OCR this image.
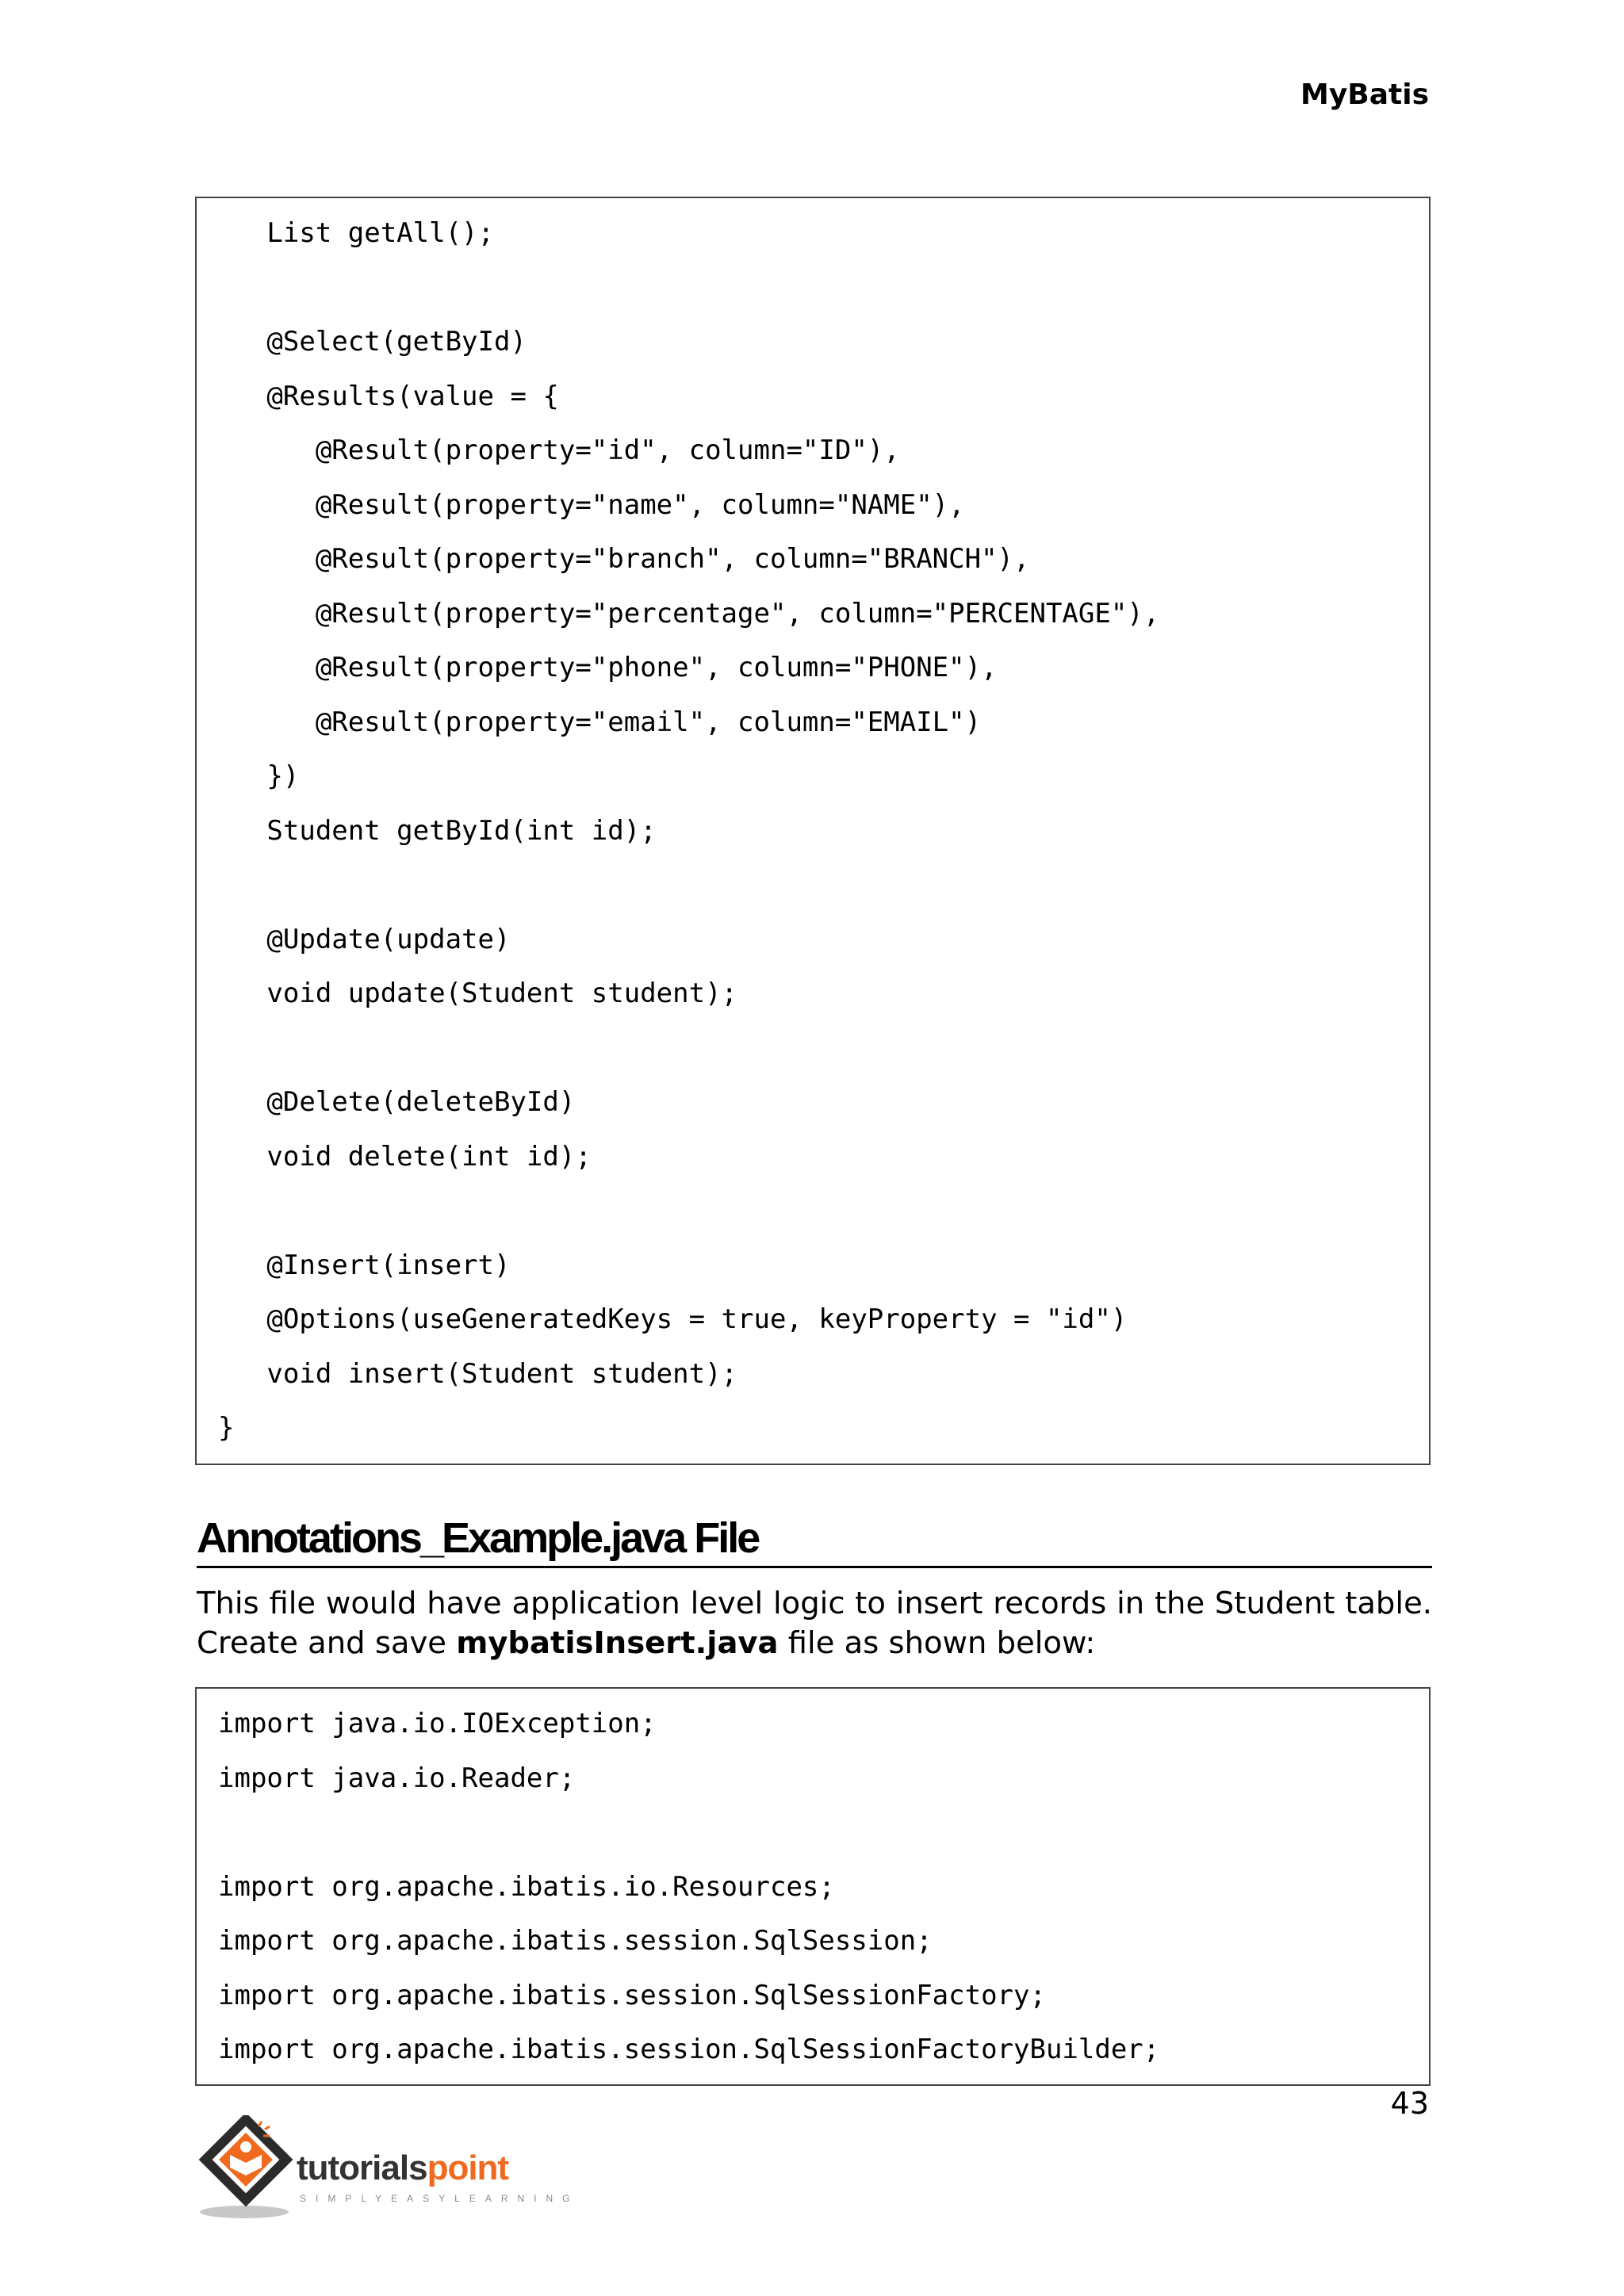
MyBatis
List getAll();

@Select(getById)
@Results(value = {
@Result(property="id", column="ID"),
@Result(property="name", column="NAME"),
@Result(property="branch", column="BRANCH"),
@Result(property="percentage", column="PERCENTAGE"),
@Result(property="phone", column="PHONE"),
@Result(property="email", column="EMAIL")
})
Student getById(int id);

@Update(update)
void update(Student student);

@Delete(deleteById)
void delete(int id);

@Insert(insert)
@Options(useGeneratedKeys = true, keyProperty = "id")
void insert(Student student);
}
Annotations_Example.java File

This file would have application level logic to insert records in the Student table. Create and save mybatisInsert.java file as shown below:

import java.io.IOException;
import java.io.Reader;

import org.apache.ibatis.io.Resources;
import org.apache.ibatis.session.SqlSession;
import org.apache.ibatis.session.SqlSessionFactory;
import org.apache.ibatis.session.SqlSessionFactoryBuilder;
43
tutorialspoint
SIMPLYEASYLEARNING
